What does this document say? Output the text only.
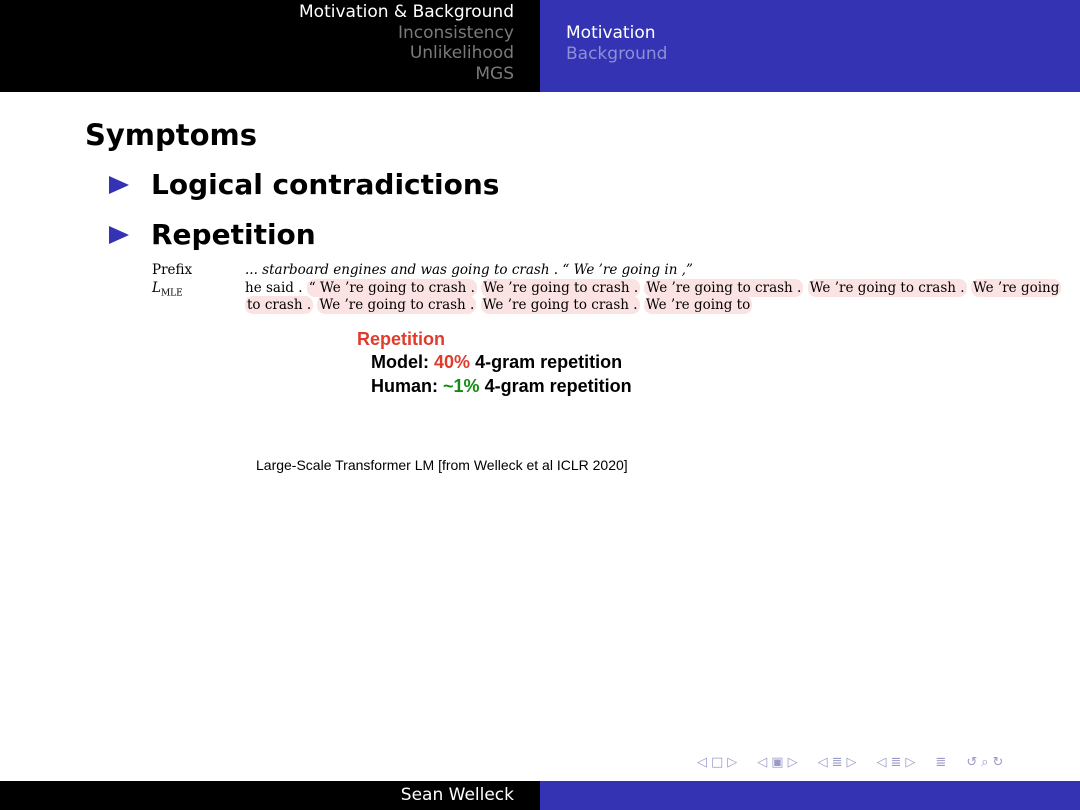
Motivation & Background
Inconsistency
Unlikelihood
MGS
Motivation
Background
Symptoms
Logical contradictions
Repetition
Prefix
$L_{MLE}$
... starboard engines and was going to crash . “ We ’re going in ,”
he said . “ We ’re going to crash . We ’re going to crash . We ’re going to crash . We ’re going to crash . We ’re going
to crash . We ’re going to crash . We ’re going to crash . We ’re going to
Repetition
Model: 40% 4-gram repetition
Human: ~1% 4-gram repetition
Large-Scale Transformer LM [from Welleck et al ICLR 2020]
◁ □ ▷ ◁ ▣ ▷ ◁ ≣ ▷ ◁ ≣ ▷ ≣ ↺ ⌕ ↻
Sean Welleck
